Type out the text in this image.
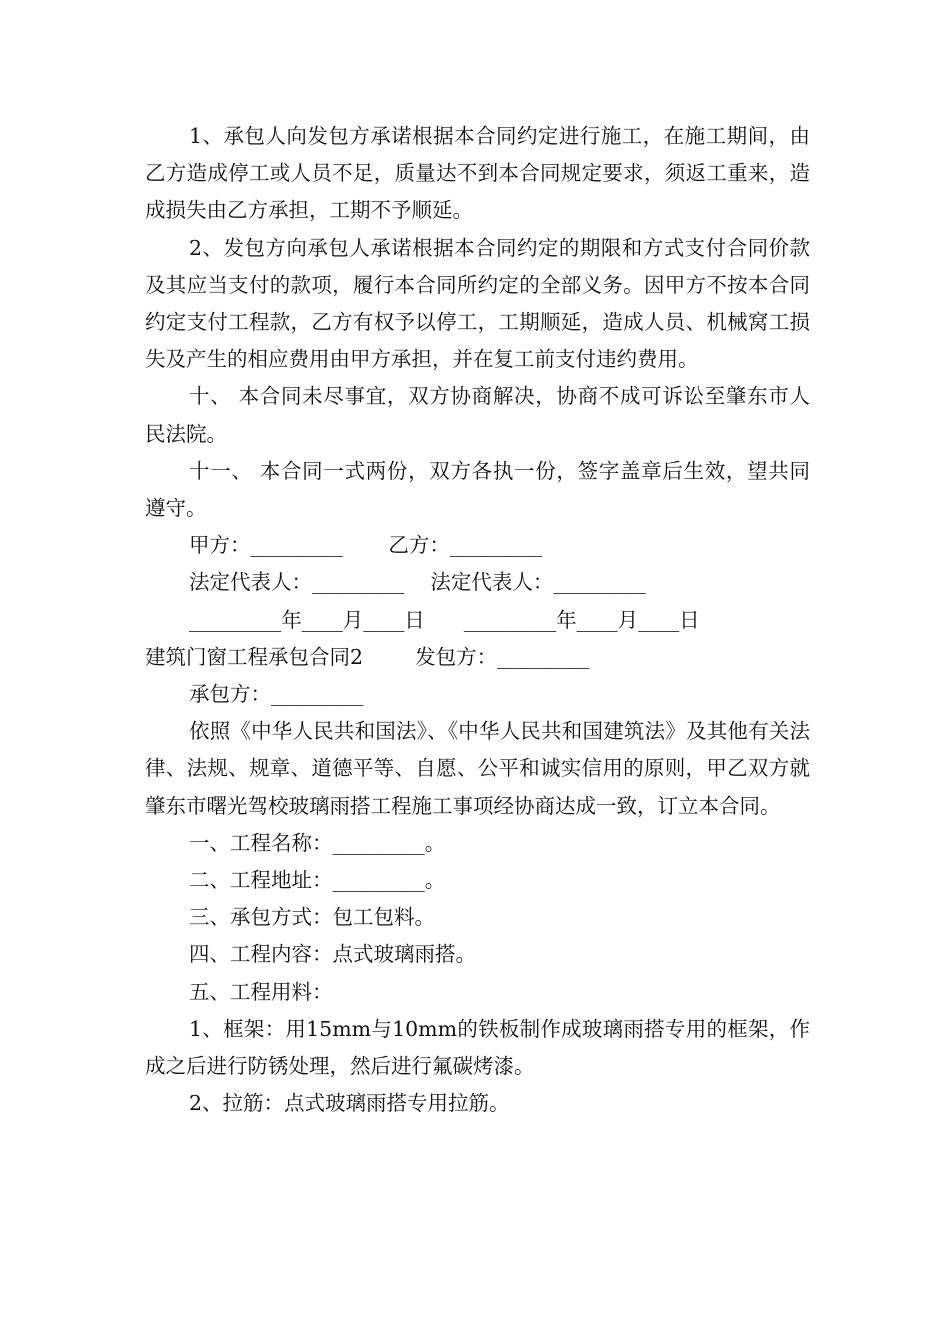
1、承包人向发包方承诺根据本合同约定进行施工，在施工期间，由乙方造成停工或人员不足，质量达不到本合同规定要求，须返工重来，造成损失由乙方承担，工期不予顺延。

2、发包方向承包人承诺根据本合同约定的期限和方式支付合同价款及其应当支付的款项，履行本合同所约定的全部义务。因甲方不按本合同约定支付工程款，乙方有权予以停工，工期顺延，造成人员、机械窝工损失及产生的相应费用由甲方承担，并在复工前支付违约费用。

十、 本合同未尽事宜，双方协商解决，协商不成可诉讼至肇东市人民法院。

十一、 本合同一式两份，双方各执一份，签字盖章后生效，望共同遵守。

甲方：_________       乙方：_________

法定代表人：_________    法定代表人：_________

_________年____月____日      _________年____月____日

建筑门窗工程承包合同2        发包方：_________

承包方：_________

依照《中华人民共和国法》、《中华人民共和国建筑法》及其他有关法律、法规、规章、道德平等、自愿、公平和诚实信用的原则，甲乙双方就肇东市曙光驾校玻璃雨搭工程施工事项经协商达成一致，订立本合同。

一、工程名称：_________。

二、工程地址：_________。

三、承包方式：包工包料。

四、工程内容：点式玻璃雨搭。

五、工程用料：

1、框架：用15mm与10mm的铁板制作成玻璃雨搭专用的框架，作成之后进行防锈处理，然后进行氟碳烤漆。

2、拉筋：点式玻璃雨搭专用拉筋。
